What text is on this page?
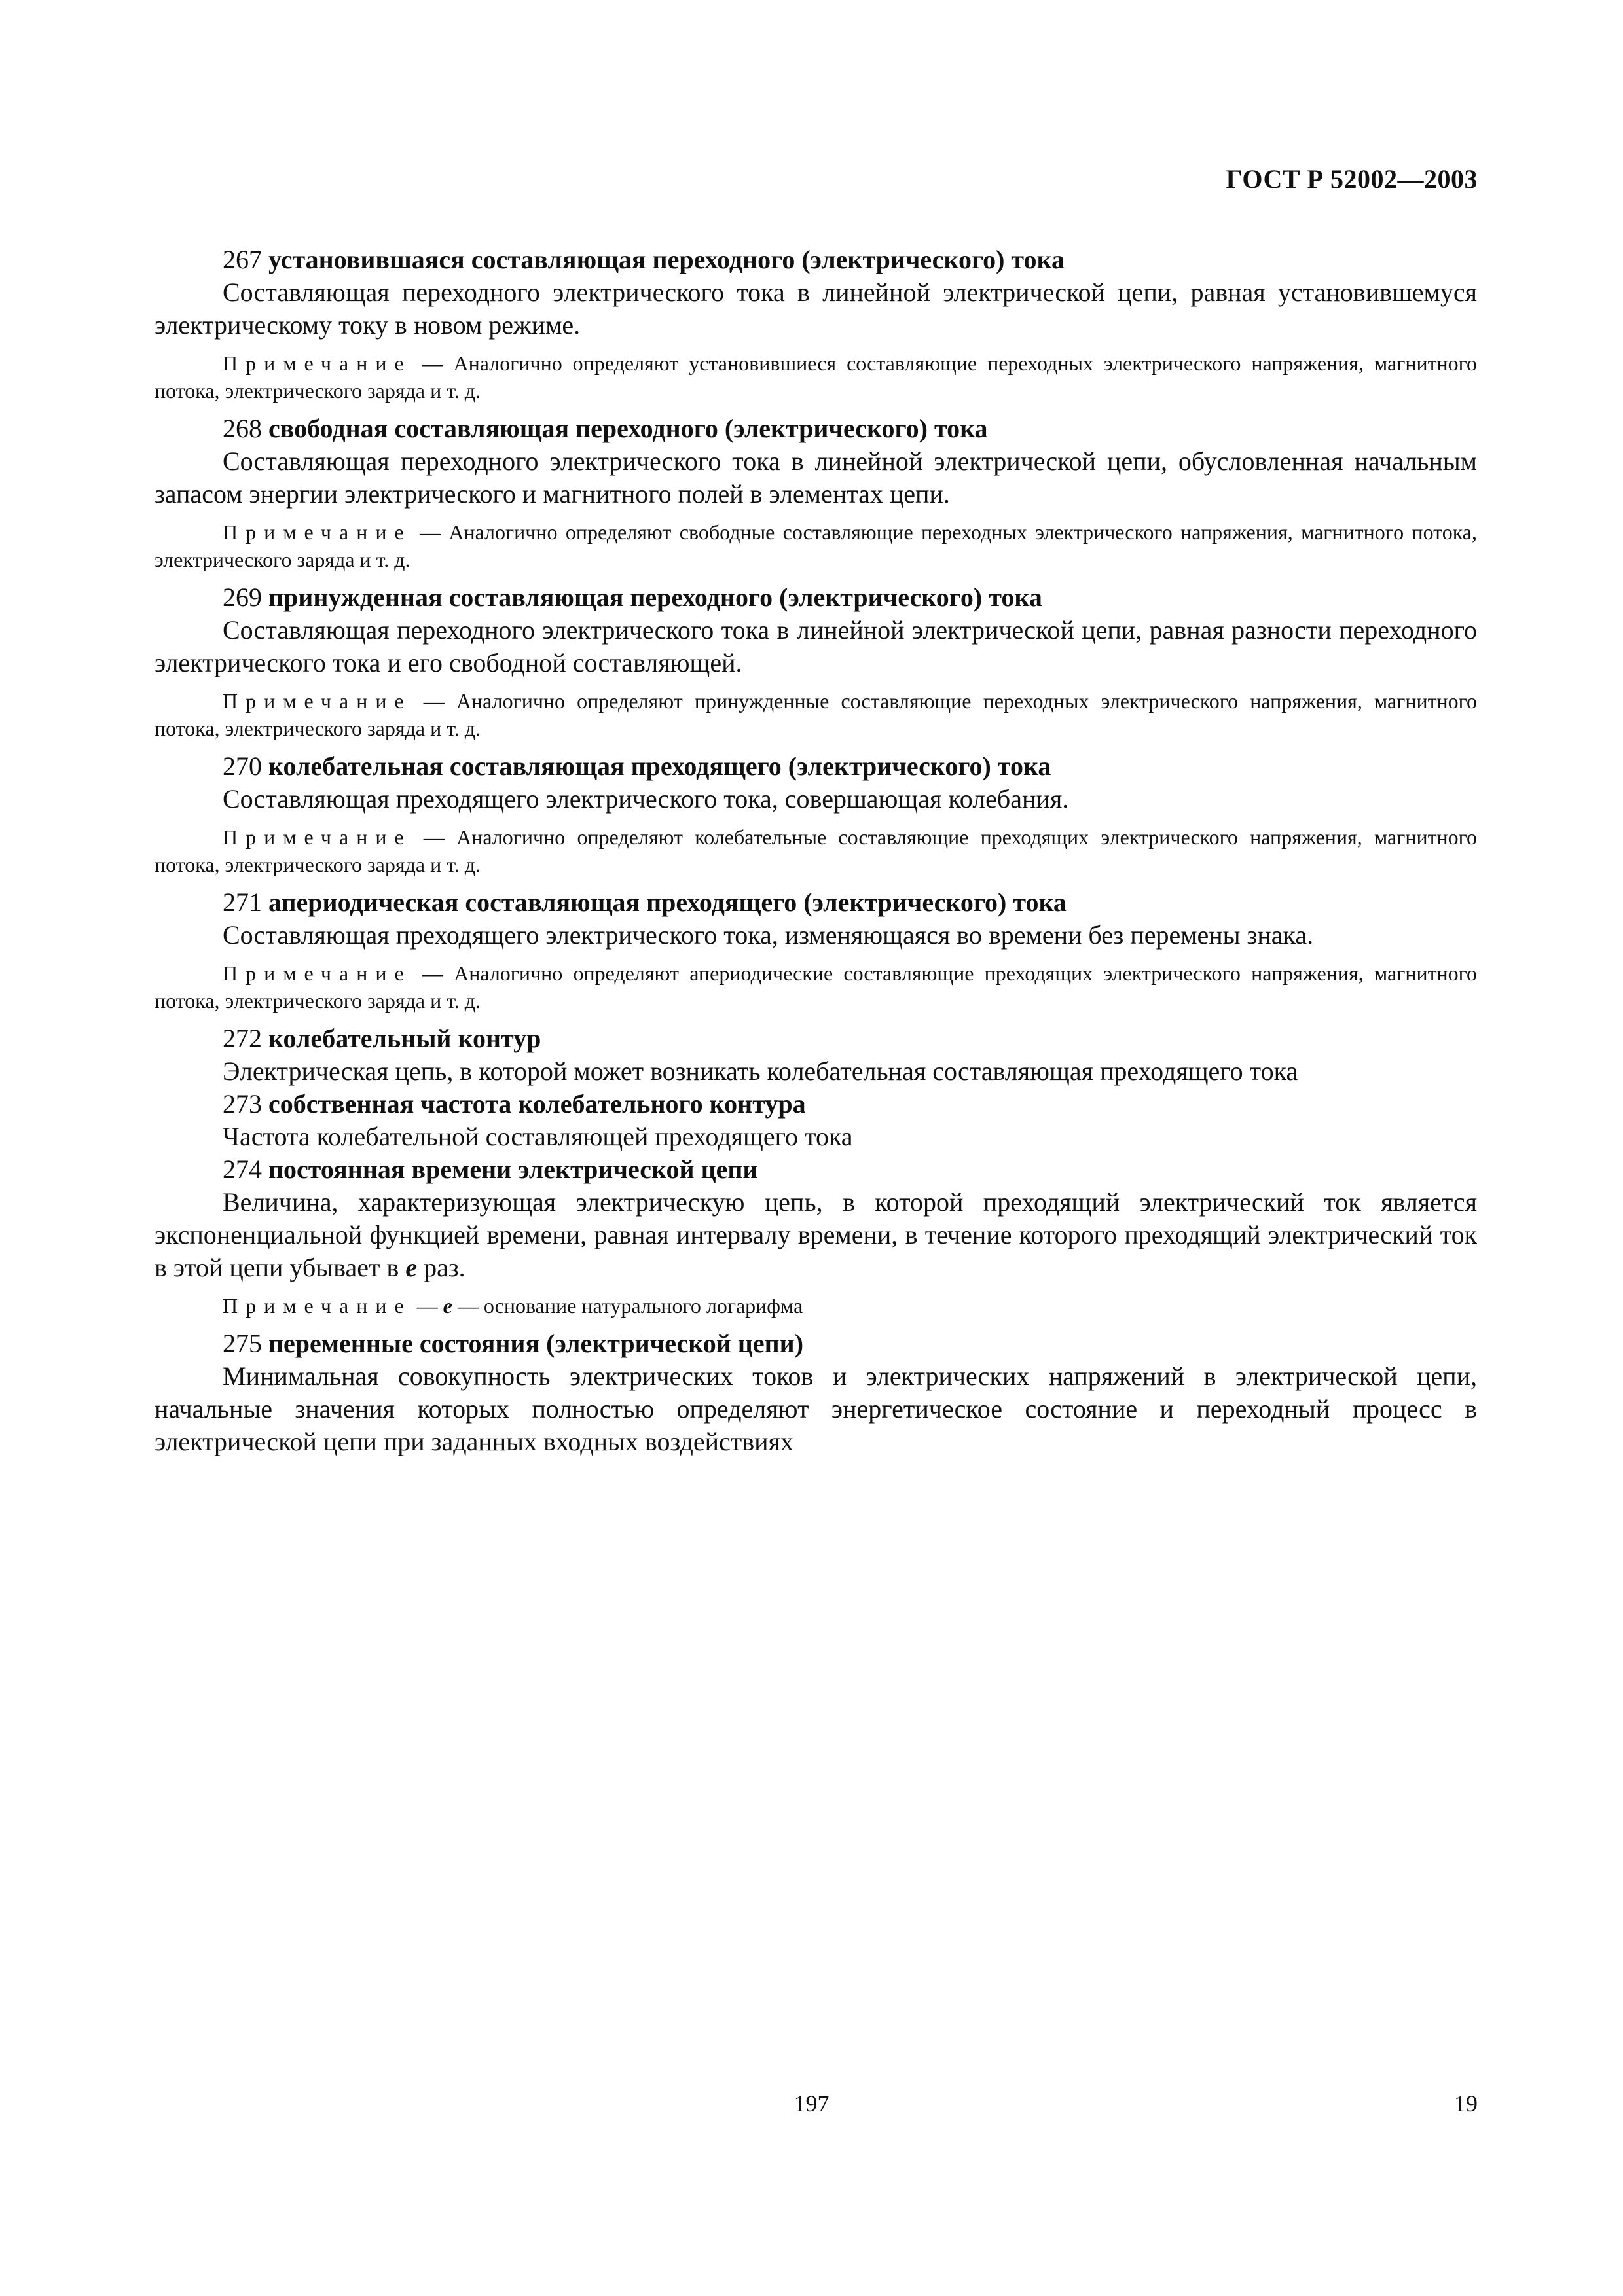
ГОСТ Р 52002—2003

267 установившаяся составляющая переходного (электрического) тока

Составляющая переходного электрического тока в линейной электрической цепи, равная установившемуся электрическому току в новом режиме.

Примечание — Аналогично определяют установившиеся составляющие переходных электрического напряжения, магнитного потока, электрического заряда и т. д.

268 свободная составляющая переходного (электрического) тока

Составляющая переходного электрического тока в линейной электрической цепи, обусловленная начальным запасом энергии электрического и магнитного полей в элементах цепи.

Примечание — Аналогично определяют свободные составляющие переходных электрического напряжения, магнитного потока, электрического заряда и т. д.

269 принужденная составляющая переходного (электрического) тока

Составляющая переходного электрического тока в линейной электрической цепи, равная разности переходного электрического тока и его свободной составляющей.

Примечание — Аналогично определяют принужденные составляющие переходных электрического напряжения, магнитного потока, электрического заряда и т. д.

270 колебательная составляющая преходящего (электрического) тока

Составляющая преходящего электрического тока, совершающая колебания.

Примечание — Аналогично определяют колебательные составляющие преходящих электрического напряжения, магнитного потока, электрического заряда и т. д.

271 апериодическая составляющая преходящего (электрического) тока

Составляющая преходящего электрического тока, изменяющаяся во времени без перемены знака.

Примечание — Аналогично определяют апериодические составляющие преходящих электрического напряжения, магнитного потока, электрического заряда и т. д.

272 колебательный контур

Электрическая цепь, в которой может возникать колебательная составляющая преходящего тока

273 собственная частота колебательного контура

Частота колебательной составляющей преходящего тока

274 постоянная времени электрической цепи

Величина, характеризующая электрическую цепь, в которой преходящий электрический ток является экспоненциальной функцией времени, равная интервалу времени, в течение которого преходящий электрический ток в этой цепи убывает в e раз.

Примечание — e — основание натурального логарифма

275 переменные состояния (электрической цепи)

Минимальная совокупность электрических токов и электрических напряжений в электрической цепи, начальные значения которых полностью определяют энергетическое состояние и переходный процесс в электрической цепи при заданных входных воздействиях

197	19
